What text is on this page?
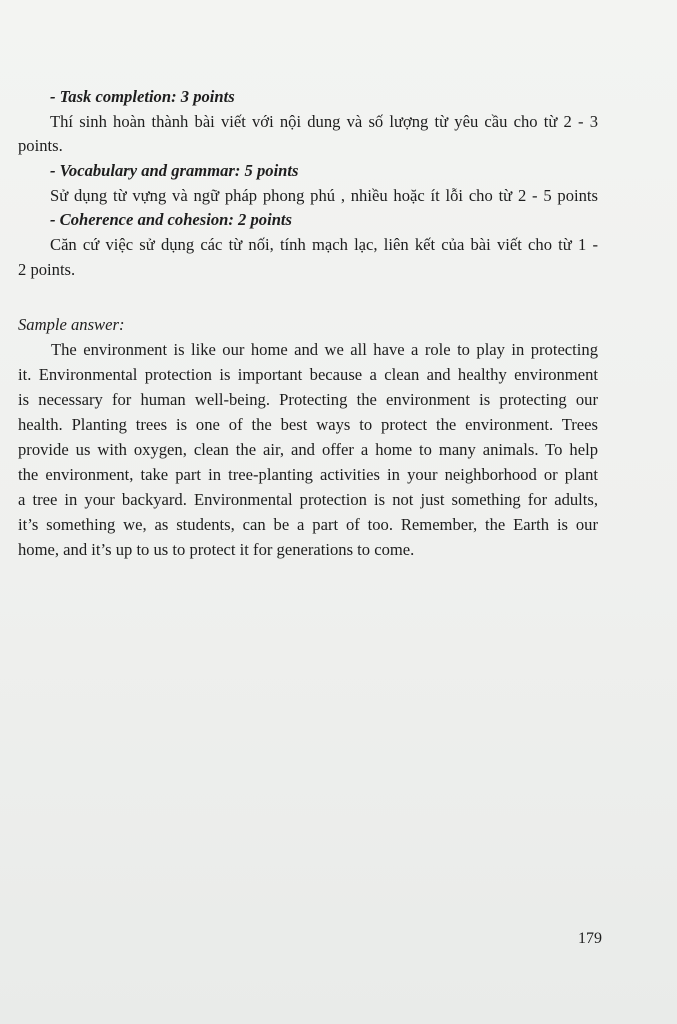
- Task completion: 3 points
Thí sinh hoàn thành bài viết với nội dung và số lượng từ yêu cầu cho từ 2 - 3
points.
- Vocabulary and grammar: 5 points
Sử dụng từ vựng và ngữ pháp phong phú , nhiều hoặc ít lỗi cho từ 2 - 5 points
- Coherence and cohesion: 2 points
Căn cứ việc sử dụng các từ nối, tính mạch lạc, liên kết của bài viết cho từ 1 -
2 points.
Sample answer:
The environment is like our home and we all have a role to play in protecting
it. Environmental protection is important because a clean and healthy environment
is necessary for human well-being. Protecting the environment is protecting our
health. Planting trees is one of the best ways to protect the environment. Trees
provide us with oxygen, clean the air, and offer a home to many animals. To help
the environment, take part in tree-planting activities in your neighborhood or plant
a tree in your backyard. Environmental protection is not just something for adults,
it’s something we, as students, can be a part of too. Remember, the Earth is our
home, and it’s up to us to protect it for generations to come.
179
